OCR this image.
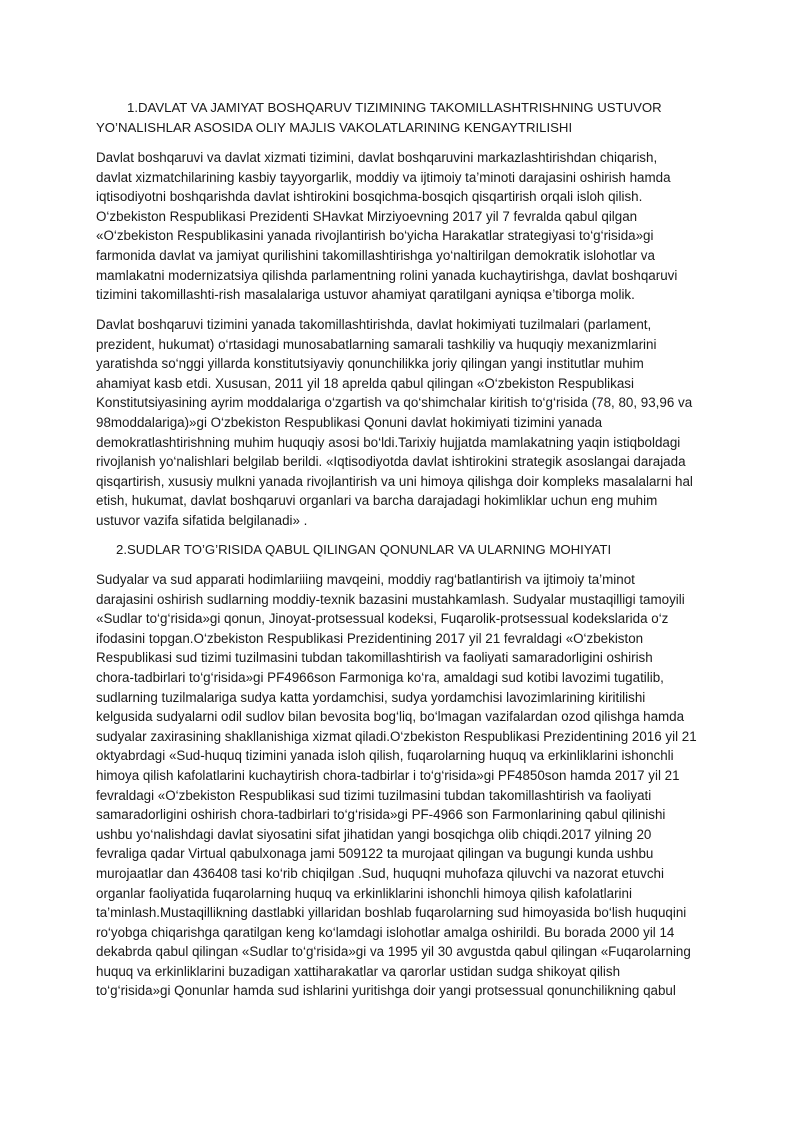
1.DAVLAT VA JAMIYAT BOSHQARUV TIZIMINING TAKOMILLASHTRISHNING USTUVOR
YO’NALISHLAR ASOSIDA OLIY MAJLIS VAKOLATLARINING KENGAYTRILISHI

Davlat boshqaruvi va davlat xizmati tizimini, davlat boshqaruvini markazlashtirishdan chiqarish,
davlat xizmatchilarining kasbiy tayyorgarlik, moddiy va ijtimoiy ta’minoti darajasini oshirish hamda
iqtisodiyotni boshqarishda davlat ishtirokini bosqichma-bosqich qisqartirish orqali isloh qilish.
O‘zbekiston Respublikasi Prezidenti SHavkat Mirziyoevning 2017 yil 7 fevralda qabul qilgan
«O‘zbekiston Respublikasini yanada rivojlantirish bo‘yicha Harakatlar strategiyasi to‘g‘risida»gi
farmonida davlat va jamiyat qurilishini takomillashtirishga yo‘naltirilgan demokratik islohotlar va
mamlakatni modernizatsiya qilishda parlamentning rolini yanada kuchaytirishga, davlat boshqaruvi
tizimini takomillashti-rish masalalariga ustuvor ahamiyat qaratilgani ayniqsa e’tiborga molik.

Davlat boshqaruvi tizimini yanada takomillashtirishda, davlat hokimiyati tuzilmalari (parlament,
prezident, hukumat) o‘rtasidagi munosabatlarning samarali tashkiliy va huquqiy mexanizmlarini
yaratishda so‘nggi yillarda konstitutsiyaviy qonunchilikka joriy qilingan yangi institutlar muhim
ahamiyat kasb etdi. Xususan, 2011 yil 18 aprelda qabul qilingan «O‘zbekiston Respublikasi
Konstitutsiyasining ayrim moddalariga o‘zgartish va qo‘shimchalar kiritish to‘g‘risida (78, 80, 93,96 va
98moddalariga)»gi O‘zbekiston Respublikasi Qonuni davlat hokimiyati tizimini yanada
demokratlashtirishning muhim huquqiy asosi bo‘ldi.Tarixiy hujjatda mamlakatning yaqin istiqboldagi
rivojlanish yo‘nalishlari belgilab berildi. «Iqtisodiyotda davlat ishtirokini strategik asoslangai darajada
qisqartirish, xususiy mulkni yanada rivojlantirish va uni himoya qilishga doir kompleks masalalarni hal
etish, hukumat, davlat boshqaruvi organlari va barcha darajadagi hokimliklar uchun eng muhim
ustuvor vazifa sifatida belgilanadi» .

2.SUDLAR TO’G’RISIDA QABUL QILINGAN QONUNLAR VA ULARNING MOHIYATI

Sudyalar va sud apparati hodimlariiing mavqeini, moddiy rag‘batlantirish va ijtimoiy ta’minot
darajasini oshirish sudlarning moddiy-texnik bazasini mustahkamlash. Sudyalar mustaqilligi tamoyili
«Sudlar to‘g‘risida»gi qonun, Jinoyat-protsessual kodeksi, Fuqarolik-protsessual kodekslarida o‘z
ifodasini topgan.O‘zbekiston Respublikasi Prezidentining 2017 yil 21 fevraldagi «O‘zbekiston
Respublikasi sud tizimi tuzilmasini tubdan takomillashtirish va faoliyati samaradorligini oshirish
chora-tadbirlari to‘g‘risida»gi PF4966son Farmoniga ko‘ra, amaldagi sud kotibi lavozimi tugatilib,
sudlarning tuzilmalariga sudya katta yordamchisi, sudya yordamchisi lavozimlarining kiritilishi
kelgusida sudyalarni odil sudlov bilan bevosita bog‘liq, bo‘lmagan vazifalardan ozod qilishga hamda
sudyalar zaxirasining shakllanishiga xizmat qiladi.O‘zbekiston Respublikasi Prezidentining 2016 yil 21
oktyabrdagi «Sud-huquq tizimini yanada isloh qilish, fuqarolarning huquq va erkinliklarini ishonchli
himoya qilish kafolatlarini kuchaytirish chora-tadbirlar i to‘g‘risida»gi PF4850son hamda 2017 yil 21
fevraldagi «O‘zbekiston Respublikasi sud tizimi tuzilmasini tubdan takomillashtirish va faoliyati
samaradorligini oshirish chora-tadbirlari to‘g‘risida»gi PF-4966 son Farmonlarining qabul qilinishi
ushbu yo‘nalishdagi davlat siyosatini sifat jihatidan yangi bosqichga olib chiqdi.2017 yilning 20
fevraliga qadar Virtual qabulxonaga jami 509122 ta murojaat qilingan va bugungi kunda ushbu
murojaatlar dan 436408 tasi ko‘rib chiqilgan .Sud, huquqni muhofaza qiluvchi va nazorat etuvchi
organlar faoliyatida fuqarolarning huquq va erkinliklarini ishonchli himoya qilish kafolatlarini
ta’minlash.Mustaqillikning dastlabki yillaridan boshlab fuqarolarning sud himoyasida bo‘lish huquqini
ro‘yobga chiqarishga qaratilgan keng ko‘lamdagi islohotlar amalga oshirildi. Bu borada 2000 yil 14
dekabrda qabul qilingan «Sudlar to‘g‘risida»gi va 1995 yil 30 avgustda qabul qilingan «Fuqarolarning
huquq va erkinliklarini buzadigan xattiharakatlar va qarorlar ustidan sudga shikoyat qilish
to‘g‘risida»gi Qonunlar hamda sud ishlarini yuritishga doir yangi protsessual qonunchilikning qabul
